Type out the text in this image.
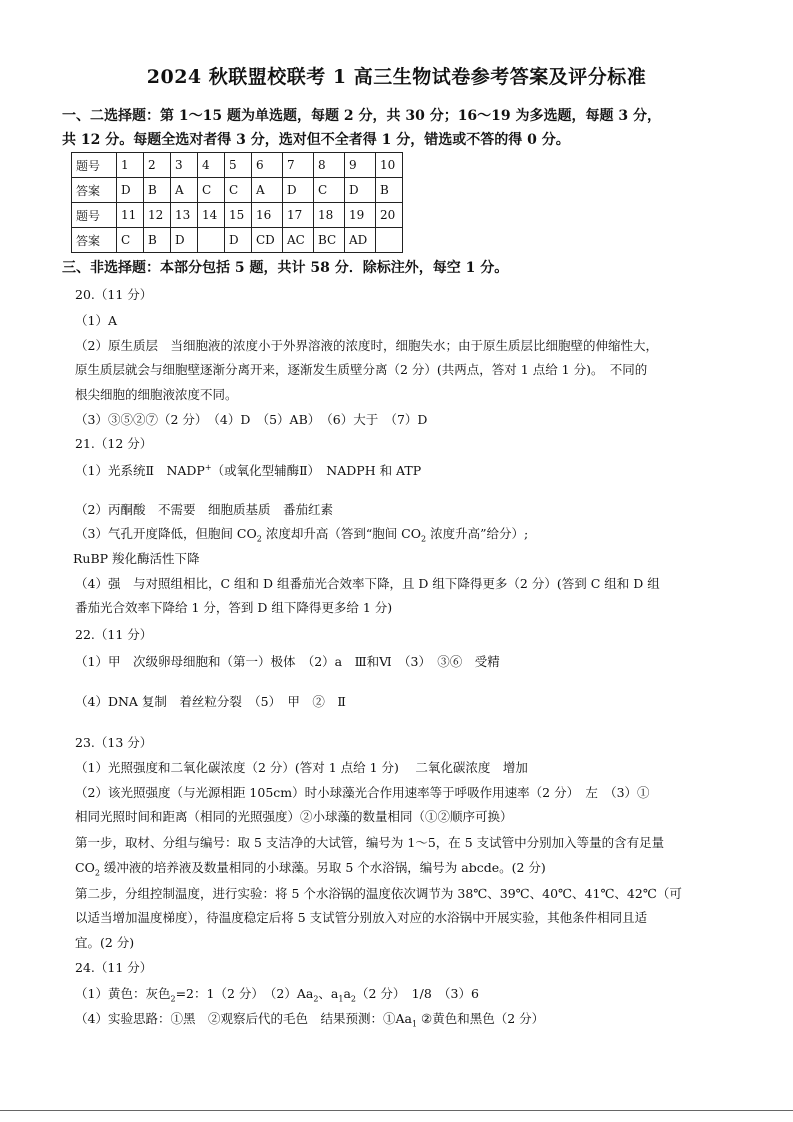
2024 秋联盟校联考 1 高三生物试卷参考答案及评分标准
一、二选择题：第 1～15 题为单选题，每题 2 分，共 30 分；16～19 为多选题，每题 3 分，
共 12 分。每题全选对者得 3 分，选对但不全者得 1 分，错选或不答的得 0 分。
题号	1	2	3	4	5	6	7	8	9	10
答案	D	B	A	C	C	A	D	C	D	B
题号	11	12	13	14	15	16	17	18	19	20
答案	C	B	D		D	CD	AC	BC	AD	
三、非选择题：本部分包括 5 题，共计 58 分．除标注外，每空 1 分。
20.（11 分）
（1）A
（2）原生质层　当细胞液的浓度小于外界溶液的浓度时，细胞失水；由于原生质层比细胞壁的伸缩性大，
原生质层就会与细胞壁逐渐分离开来，逐渐发生质壁分离（2 分）(共两点，答对 1 点给 1 分)。　不同的
根尖细胞的细胞液浓度不同。
（3）③⑤②⑦（2 分）　（4）D　（5）AB）　（6）大于　（7）D
21.（12 分）
（1）光系统Ⅱ　NADP+（或氧化型辅酶Ⅱ）　NADPH 和 ATP
（2）丙酮酸　不需要　细胞质基质　番茄红素
（3）气孔开度降低，但胞间 $CO_2$ 浓度却升高（答到“胞间 $CO_2$ 浓度升高”给分）;
RuBP 羧化酶活性下降
（4）强　与对照组相比，C 组和 D 组番茄光合效率下降，且 D 组下降得更多（2 分）(答到 C 组和 D 组
番茄光合效率下降给 1 分，答到 D 组下降得更多给 1 分)
22.（11 分）
（1）甲　次级卵母细胞和（第一）极体　（2）a　Ⅲ和Ⅵ　（3）　③⑥　受精
（4）DNA 复制　着丝粒分裂　（5）　甲　②　Ⅱ
23.（13 分）
（1）光照强度和二氧化碳浓度（2 分）(答对 1 点给 1 分)　 二氧化碳浓度　增加
（2）该光照强度（与光源相距 105cm）时小球藻光合作用速率等于呼吸作用速率（2 分）　左　（3）①
相同光照时间和距离（相同的光照强度）②小球藻的数量相同（①②顺序可换）
第一步，取材、分组与编号：取 5 支洁净的大试管，编号为 1～5，在 5 支试管中分别加入等量的含有足量
$CO_2$ 缓冲液的培养液及数量相同的小球藻。另取 5 个水浴锅，编号为 abcde。(2 分)
第二步，分组控制温度，进行实验：将 5 个水浴锅的温度依次调节为 38℃、39℃、40℃、41℃、42℃（可
以适当增加温度梯度），待温度稳定后将 5 支试管分别放入对应的水浴锅中开展实验，其他条件相同且适
宜。(2 分)
24.（11 分）
（1）黄色：灰色$_2$=2：1（2 分）　$(2)Aa_2$、$a_1a_2(2$ 分）　1/8　（3）6
（4）实验思路：①黑　②观察后代的毛色　结果预测：$①Aa_1$ ②黄色和黑色（2 分）
